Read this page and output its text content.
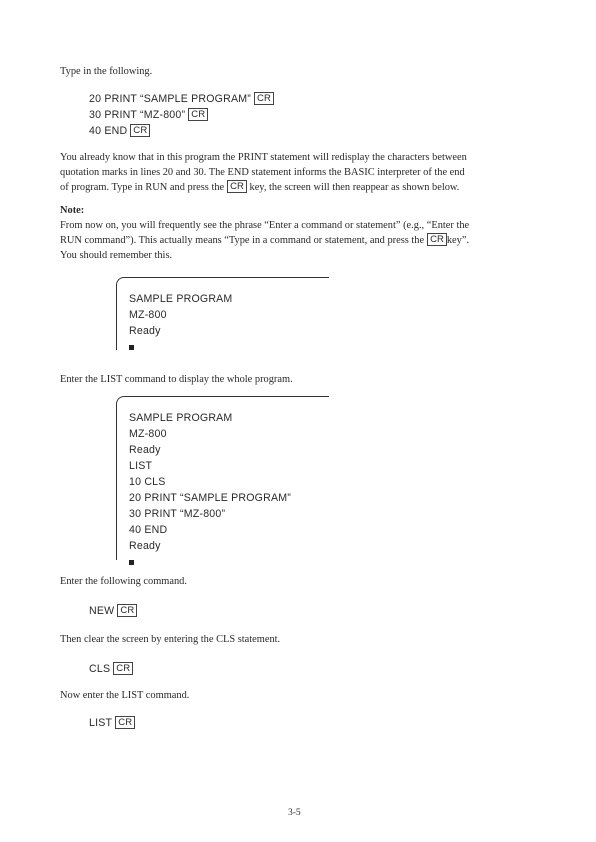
Type in the following.
20 PRINT “SAMPLE PROGRAM” CR
30 PRINT “MZ-800” CR
40 END CR
You already know that in this program the PRINT statement will redisplay the characters between
quotation marks in lines 20 and 30. The END statement informs the BASIC interpreter of the end
of program. Type in RUN and press the CR key, the screen will then reappear as shown below.
Note:
From now on, you will frequently see the phrase “Enter a command or statement” (e.g., “Enter the
RUN command”). This actually means “Type in a command or statement, and press the CR key”.
You should remember this.
SAMPLE PROGRAM
MZ-800
Ready
Enter the LIST command to display the whole program.
SAMPLE PROGRAM
MZ-800
Ready
LIST
10 CLS
20 PRINT “SAMPLE PROGRAM”
30 PRINT “MZ-800”
40 END
Ready
Enter the following command.
NEW CR
Then clear the screen by entering the CLS statement.
CLS CR
Now enter the LIST command.
LIST CR
3-5
